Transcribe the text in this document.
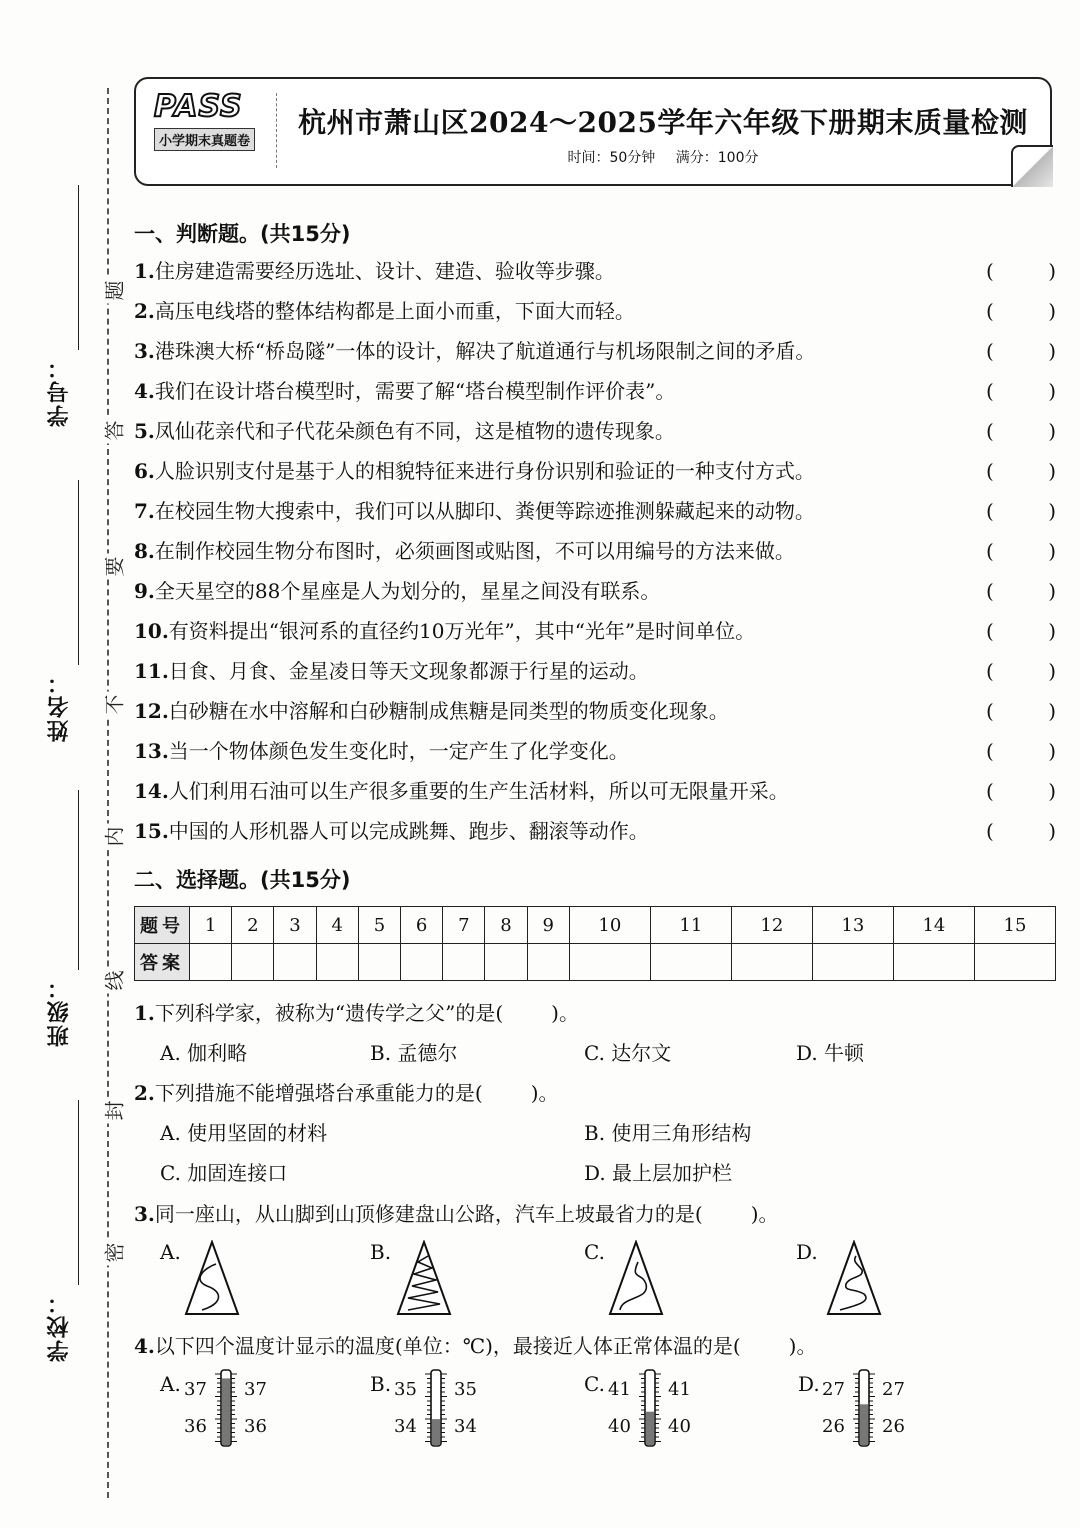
学号：
姓名：
班级：
学校：
题
答
要
不
内
线
封
密
PASS
小学期末真题卷
杭州市萧山区2024～2025学年六年级下册期末质量检测
时间：50分钟 满分：100分
一、判断题。(共15分)
1.住房建造需要经历选址、设计、建造、验收等步骤。	(	)
2.高压电线塔的整体结构都是上面小而重，下面大而轻。	(	)
3.港珠澳大桥“桥岛隧”一体的设计，解决了航道通行与机场限制之间的矛盾。	(	)
4.我们在设计塔台模型时，需要了解“塔台模型制作评价表”。	(	)
5.凤仙花亲代和子代花朵颜色有不同，这是植物的遗传现象。	(	)
6.人脸识别支付是基于人的相貌特征来进行身份识别和验证的一种支付方式。	(	)
7.在校园生物大搜索中，我们可以从脚印、粪便等踪迹推测躲藏起来的动物。	(	)
8.在制作校园生物分布图时，必须画图或贴图，不可以用编号的方法来做。	(	)
9.全天星空的88个星座是人为划分的，星星之间没有联系。	(	)
10.有资料提出“银河系的直径约10万光年”，其中“光年”是时间单位。	(	)
11.日食、月食、金星凌日等天文现象都源于行星的运动。	(	)
12.白砂糖在水中溶解和白砂糖制成焦糖是同类型的物质变化现象。	(	)
13.当一个物体颜色发生变化时，一定产生了化学变化。	(	)
14.人们利用石油可以生产很多重要的生产生活材料，所以可无限量开采。	(	)
15.中国的人形机器人可以完成跳舞、跑步、翻滚等动作。	(	)
二、选择题。(共15分)
题号	1	2	3	4	5	6	7	8	9	10	11	12	13	14	15
答案															
1.下列科学家，被称为“遗传学之父”的是( )。
A. 伽利略	B. 孟德尔	C. 达尔文	D. 牛顿
2.下列措施不能增强塔台承重能力的是( )。
A. 使用坚固的材料	B. 使用三角形结构
C. 加固连接口	D. 最上层加护栏
3.同一座山，从山脚到山顶修建盘山公路，汽车上坡最省力的是( )。
A.	B.	C.	D.
4.以下四个温度计显示的温度(单位：℃)，最接近人体正常体温的是( )。
A.	B.	C.	D.
37 37
36 36
35 35
34 34
41 41
40 40
27 27
26 26
